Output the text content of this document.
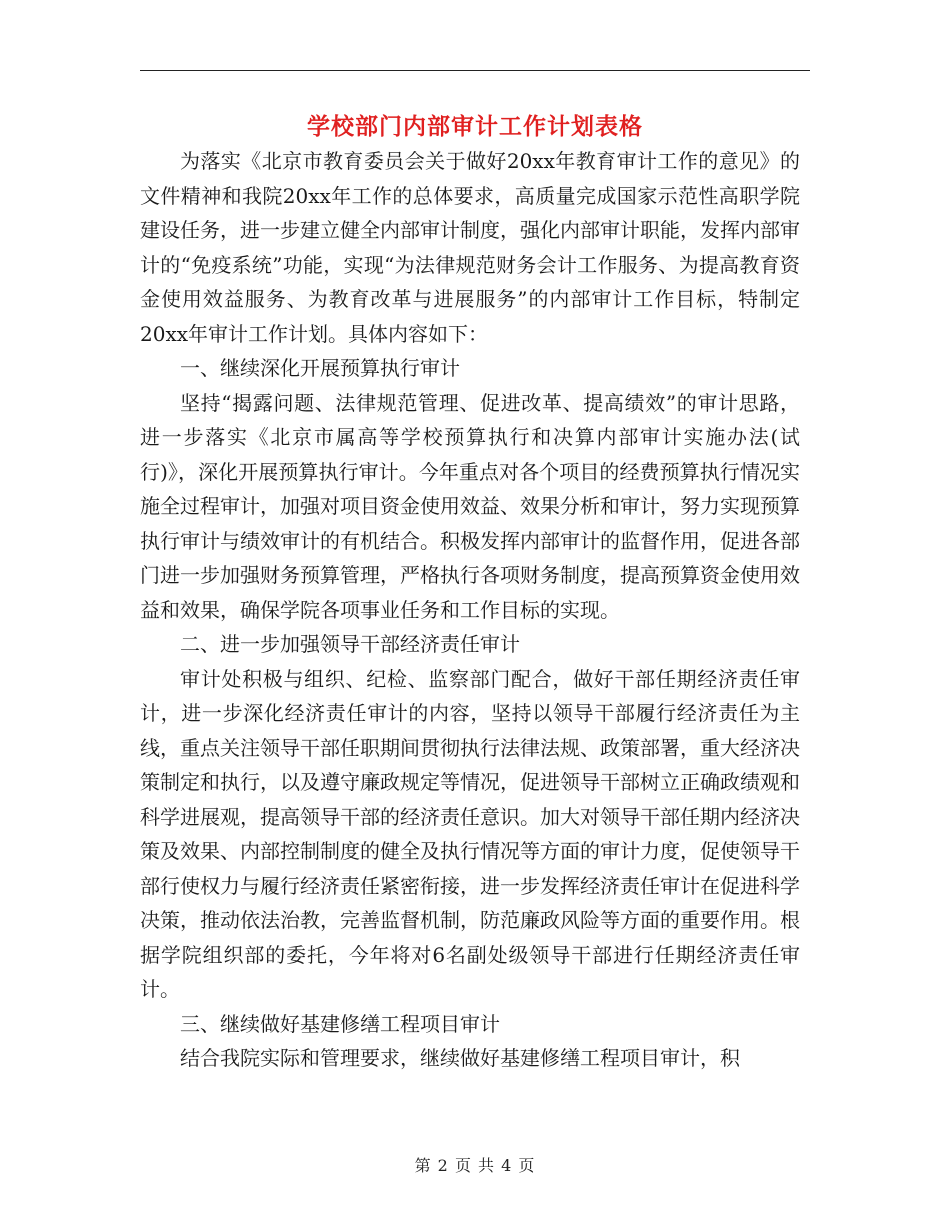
学校部门内部审计工作计划表格

为落实《北京市教育委员会关于做好20xx年教育审计工作的意见》的文件精神和我院20xx年工作的总体要求，高质量完成国家示范性高职学院建设任务，进一步建立健全内部审计制度，强化内部审计职能，发挥内部审计的“免疫系统”功能，实现“为法律规范财务会计工作服务、为提高教育资金使用效益服务、为教育改革与进展服务”的内部审计工作目标，特制定20xx年审计工作计划。具体内容如下：

一、继续深化开展预算执行审计

坚持“揭露问题、法律规范管理、促进改革、提高绩效”的审计思路，进一步落实《北京市属高等学校预算执行和决算内部审计实施办法(试行)》，深化开展预算执行审计。今年重点对各个项目的经费预算执行情况实施全过程审计，加强对项目资金使用效益、效果分析和审计，努力实现预算执行审计与绩效审计的有机结合。积极发挥内部审计的监督作用，促进各部门进一步加强财务预算管理，严格执行各项财务制度，提高预算资金使用效益和效果，确保学院各项事业任务和工作目标的实现。

二、进一步加强领导干部经济责任审计

审计处积极与组织、纪检、监察部门配合，做好干部任期经济责任审计，进一步深化经济责任审计的内容，坚持以领导干部履行经济责任为主线，重点关注领导干部任职期间贯彻执行法律法规、政策部署，重大经济决策制定和执行，以及遵守廉政规定等情况，促进领导干部树立正确政绩观和科学进展观，提高领导干部的经济责任意识。加大对领导干部任期内经济决策及效果、内部控制制度的健全及执行情况等方面的审计力度，促使领导干部行使权力与履行经济责任紧密衔接，进一步发挥经济责任审计在促进科学决策，推动依法治教，完善监督机制，防范廉政风险等方面的重要作用。根据学院组织部的委托，今年将对6名副处级领导干部进行任期经济责任审计。

三、继续做好基建修缮工程项目审计

结合我院实际和管理要求，继续做好基建修缮工程项目审计，积

第 2 页 共 4 页
